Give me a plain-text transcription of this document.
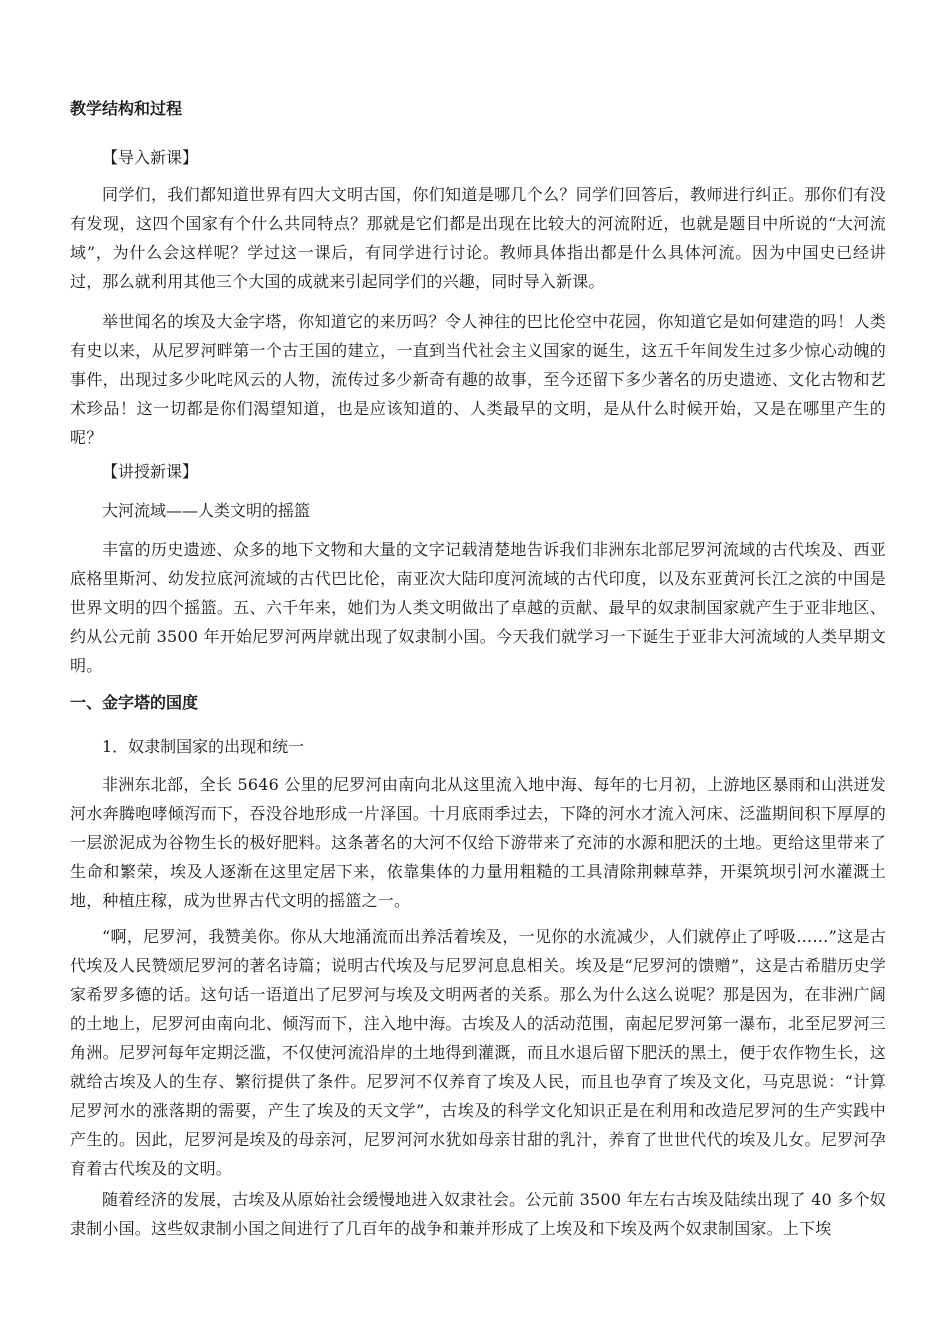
教学结构和过程
【导入新课】

同学们，我们都知道世界有四大文明古国，你们知道是哪几个么？同学们回答后，教师进行纠正。那你们有没有发现，这四个国家有个什么共同特点？那就是它们都是出现在比较大的河流附近，也就是题目中所说的“大河流域”，为什么会这样呢？学过这一课后，有同学进行讨论。教师具体指出都是什么具体河流。因为中国史已经讲过，那么就利用其他三个大国的成就来引起同学们的兴趣，同时导入新课。

举世闻名的埃及大金字塔，你知道它的来历吗？令人神往的巴比伦空中花园，你知道它是如何建造的吗！人类有史以来，从尼罗河畔第一个古王国的建立，一直到当代社会主义国家的诞生，这五千年间发生过多少惊心动魄的事件，出现过多少叱咤风云的人物，流传过多少新奇有趣的故事，至今还留下多少著名的历史遗迹、文化古物和艺术珍品！这一切都是你们渴望知道，也是应该知道的、人类最早的文明，是从什么时候开始，又是在哪里产生的呢？

【讲授新课】
大河流域——人类文明的摇篮

丰富的历史遗迹、众多的地下文物和大量的文字记载清楚地告诉我们非洲东北部尼罗河流域的古代埃及、西亚底格里斯河、幼发拉底河流域的古代巴比伦，南亚次大陆印度河流域的古代印度，以及东亚黄河长江之滨的中国是世界文明的四个摇篮。五、六千年来，她们为人类文明做出了卓越的贡献、最早的奴隶制国家就产生于亚非地区、约从公元前 3500 年开始尼罗河两岸就出现了奴隶制小国。今天我们就学习一下诞生于亚非大河流域的人类早期文明。

一、金字塔的国度
1．奴隶制国家的出现和统一

非洲东北部，全长 5646 公里的尼罗河由南向北从这里流入地中海、每年的七月初，上游地区暴雨和山洪迸发河水奔腾咆哮倾泻而下，吞没谷地形成一片泽国。十月底雨季过去，下降的河水才流入河床、泛滥期间积下厚厚的一层淤泥成为谷物生长的极好肥料。这条著名的大河不仅给下游带来了充沛的水源和肥沃的土地。更给这里带来了生命和繁荣，埃及人逐渐在这里定居下来，依靠集体的力量用粗糙的工具清除荆棘草莽，开渠筑坝引河水灌溉土地，种植庄稼，成为世界古代文明的摇篮之一。

“啊，尼罗河，我赞美你。你从大地涌流而出养活着埃及，一见你的水流减少，人们就停止了呼吸……”这是古代埃及人民赞颂尼罗河的著名诗篇；说明古代埃及与尼罗河息息相关。埃及是“尼罗河的馈赠”，这是古希腊历史学家希罗多德的话。这句话一语道出了尼罗河与埃及文明两者的关系。那么为什么这么说呢？那是因为，在非洲广阔的土地上，尼罗河由南向北、倾泻而下，注入地中海。古埃及人的活动范围，南起尼罗河第一瀑布，北至尼罗河三角洲。尼罗河每年定期泛滥，不仅使河流沿岸的土地得到灌溉，而且水退后留下肥沃的黑土，便于农作物生长，这就给古埃及人的生存、繁衍提供了条件。尼罗河不仅养育了埃及人民，而且也孕育了埃及文化，马克思说：“计算尼罗河水的涨落期的需要，产生了埃及的天文学”，古埃及的科学文化知识正是在利用和改造尼罗河的生产实践中产生的。因此，尼罗河是埃及的母亲河，尼罗河河水犹如母亲甘甜的乳汁，养育了世世代代的埃及儿女。尼罗河孕育着古代埃及的文明。

随着经济的发展，古埃及从原始社会缓慢地进入奴隶社会。公元前 3500 年左右古埃及陆续出现了 40 多个奴隶制小国。这些奴隶制小国之间进行了几百年的战争和兼并形成了上埃及和下埃及两个奴隶制国家。上下埃
